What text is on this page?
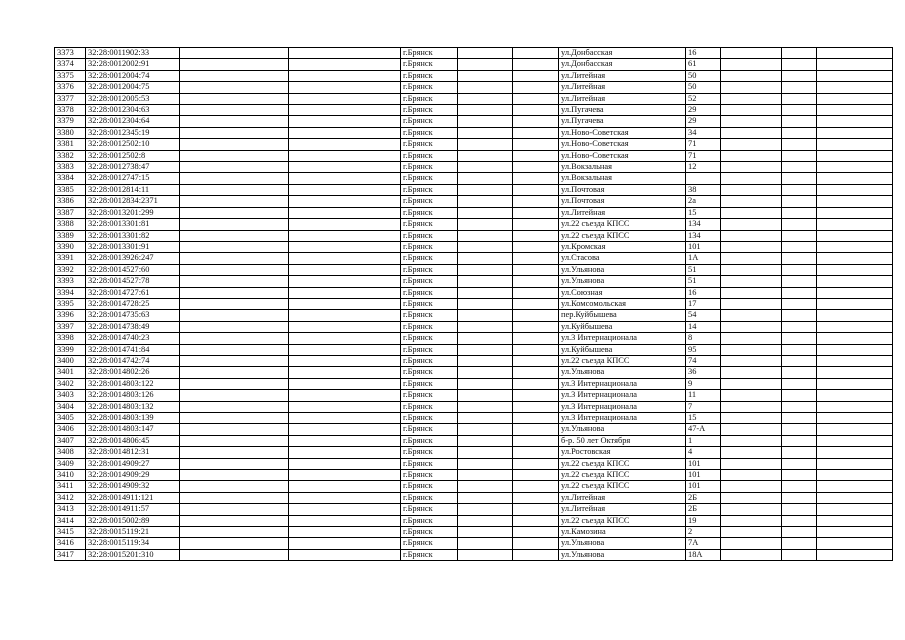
3373	32:28:0011902:33			г.Брянск			ул.Донбасская	16			
3374	32:28:0012002:91			г.Брянск			ул.Донбасская	61			
3375	32:28:0012004:74			г.Брянск			ул.Литейная	50			
3376	32:28:0012004:75			г.Брянск			ул.Литейная	50			
3377	32:28:0012005:53			г.Брянск			ул.Литейная	52			
3378	32:28:0012304:63			г.Брянск			ул.Пугачева	29			
3379	32:28:0012304:64			г.Брянск			ул.Пугачева	29			
3380	32:28:0012345:19			г.Брянск			ул.Ново-Советская	34			
3381	32:28:0012502:10			г.Брянск			ул.Ново-Советская	71			
3382	32:28:0012502:8			г.Брянск			ул.Ново-Советская	71			
3383	32:28:0012738:47			г.Брянск			ул.Вокзальная	12			
3384	32:28:0012747:15			г.Брянск			ул.Вокзальная				
3385	32:28:0012814:11			г.Брянск			ул.Почтовая	38			
3386	32:28:0012834:2371			г.Брянск			ул.Почтовая	2а			
3387	32:28:0013201:299			г.Брянск			ул.Литейная	15			
3388	32:28:0013301:81			г.Брянск			ул.22 съезда КПСС	134			
3389	32:28:0013301:82			г.Брянск			ул.22 съезда КПСС	134			
3390	32:28:0013301:91			г.Брянск			ул.Кромская	101			
3391	32:28:0013926:247			г.Брянск			ул.Стасова	1А			
3392	32:28:0014527:60			г.Брянск			ул.Ульянова	51			
3393	32:28:0014527:78			г.Брянск			ул.Ульянова	51			
3394	32:28:0014727:61			г.Брянск			ул.Союзная	16			
3395	32:28:0014728:25			г.Брянск			ул.Комсомольская	17			
3396	32:28:0014735:63			г.Брянск			пер.Куйбышева	54			
3397	32:28:0014738:49			г.Брянск			ул.Куйбышева	14			
3398	32:28:0014740:23			г.Брянск			ул.3 Интернационала	8			
3399	32:28:0014741:84			г.Брянск			ул.Куйбышева	95			
3400	32:28:0014742:74			г.Брянск			ул.22 съезда КПСС	74			
3401	32:28:0014802:26			г.Брянск			ул.Ульянова	36			
3402	32:28:0014803:122			г.Брянск			ул.3 Интернационала	9			
3403	32:28:0014803:126			г.Брянск			ул.3 Интернационала	11			
3404	32:28:0014803:132			г.Брянск			ул.3 Интернационала	7			
3405	32:28:0014803:139			г.Брянск			ул.3 Интернационала	15			
3406	32:28:0014803:147			г.Брянск			ул.Ульянова	47-А			
3407	32:28:0014806:45			г.Брянск			б-р. 50 лет Октября	1			
3408	32:28:0014812:31			г.Брянск			ул.Ростовская	4			
3409	32:28:0014909:27			г.Брянск			ул.22 съезда КПСС	101			
3410	32:28:0014909:29			г.Брянск			ул.22 съезда КПСС	101			
3411	32:28:0014909:32			г.Брянск			ул.22 съезда КПСС	101			
3412	32:28:0014911:121			г.Брянск			ул.Литейная	2Б			
3413	32:28:0014911:57			г.Брянск			ул.Литейная	2Б			
3414	32:28:0015002:89			г.Брянск			ул.22 съезда КПСС	19			
3415	32:28:0015119:21			г.Брянск			ул.Камозина	2			
3416	32:28:0015119:34			г.Брянск			ул.Ульянова	7А			
3417	32:28:0015201:310			г.Брянск			ул.Ульянова	18А			
